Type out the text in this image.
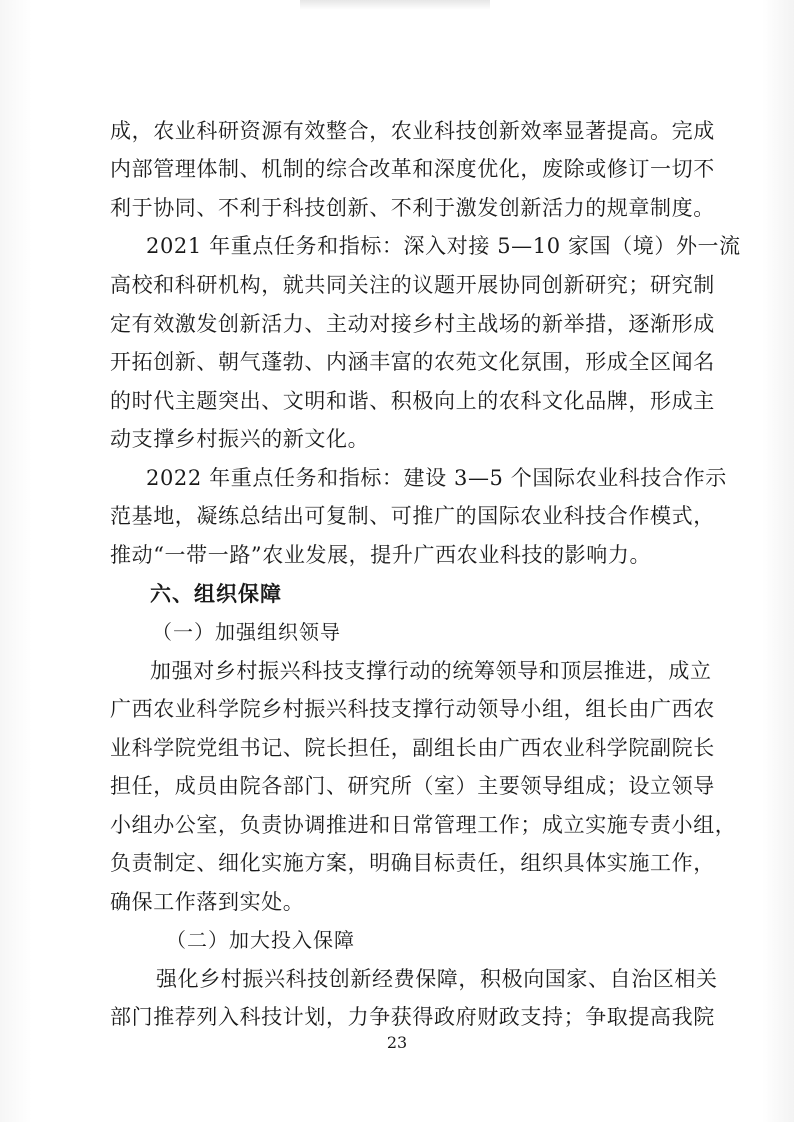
成，农业科研资源有效整合，农业科技创新效率显著提高。完成
内部管理体制、机制的综合改革和深度优化，废除或修订一切不
利于协同、不利于科技创新、不利于激发创新活力的规章制度。
2021 年重点任务和指标：深入对接 5—10 家国（境）外一流
高校和科研机构，就共同关注的议题开展协同创新研究；研究制
定有效激发创新活力、主动对接乡村主战场的新举措，逐渐形成
开拓创新、朝气蓬勃、内涵丰富的农苑文化氛围，形成全区闻名
的时代主题突出、文明和谐、积极向上的农科文化品牌，形成主
动支撑乡村振兴的新文化。
2022 年重点任务和指标：建设 3—5 个国际农业科技合作示
范基地，凝练总结出可复制、可推广的国际农业科技合作模式，
推动“一带一路”农业发展，提升广西农业科技的影响力。
六、组织保障
（一）加强组织领导
加强对乡村振兴科技支撑行动的统筹领导和顶层推进，成立
广西农业科学院乡村振兴科技支撑行动领导小组，组长由广西农
业科学院党组书记、院长担任，副组长由广西农业科学院副院长
担任，成员由院各部门、研究所（室）主要领导组成；设立领导
小组办公室，负责协调推进和日常管理工作；成立实施专责小组，
负责制定、细化实施方案，明确目标责任，组织具体实施工作，
确保工作落到实处。
（二）加大投入保障
强化乡村振兴科技创新经费保障，积极向国家、自治区相关
部门推荐列入科技计划，力争获得政府财政支持；争取提高我院
23
